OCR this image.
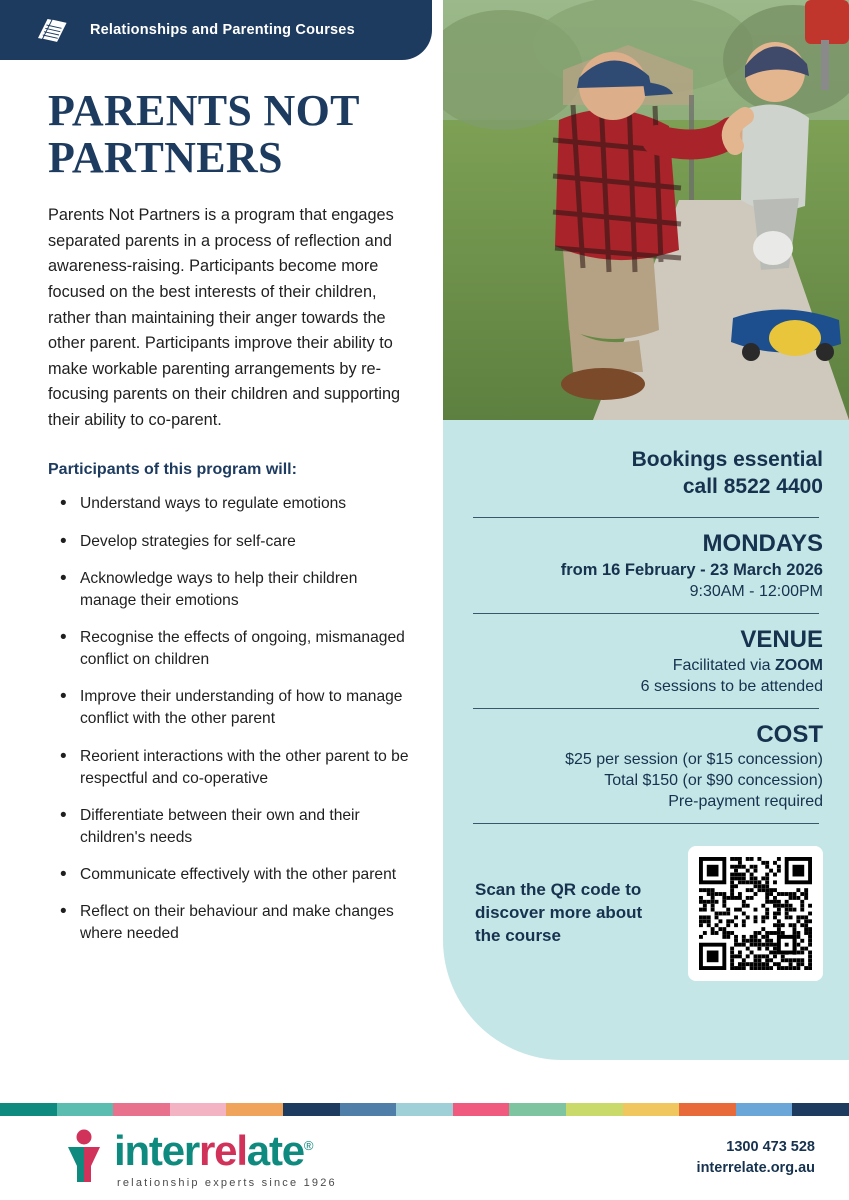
Relationships and Parenting Courses
PARENTS NOT PARTNERS

Parents Not Partners is a program that engages separated parents in a process of reflection and awareness-raising. Participants become more focused on the best interests of their children, rather than maintaining their anger towards the other parent. Participants improve their ability to make workable parenting arrangements by re-focusing parents on their children and supporting their ability to co-parent.

Participants of this program will:
• Understand ways to regulate emotions
• Develop strategies for self-care
• Acknowledge ways to help their children manage their emotions
• Recognise the effects of ongoing, mismanaged conflict on children
• Improve their understanding of how to manage conflict with the other parent
• Reorient interactions with the other parent to be respectful and co-operative
• Differentiate between their own and their children's needs
• Communicate effectively with the other parent
• Reflect on their behaviour and make changes where needed
Bookings essential
call 8522 4400
MONDAYS
from 16 February - 23 March 2026
9:30AM - 12:00PM
VENUE
Facilitated via ZOOM
6 sessions to be attended
COST
$25 per session (or $15 concession)
Total $150 (or $90 concession)
Pre-payment required
Scan the QR code to discover more about the course
interrelate®
relationship experts since 1926
1300 473 528
interrelate.org.au
